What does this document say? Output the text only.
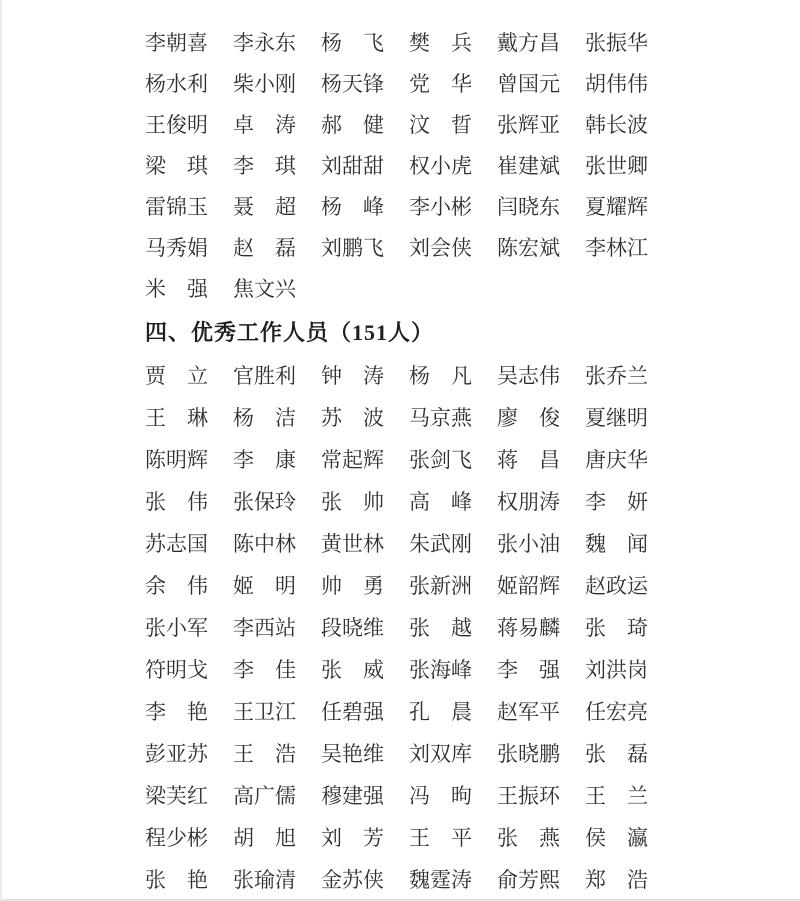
李朝喜 李永东 杨　飞 樊　兵 戴方昌 张振华
杨水利 柴小刚 杨天锋 党　华 曾国元 胡伟伟
王俊明 卓　涛 郝　健 汶　晢 张辉亚 韩长波
梁　琪 李　琪 刘甜甜 权小虎 崔建斌 张世卿
雷锦玉 聂　超 杨　峰 李小彬 闫晓东 夏耀辉
马秀娟 赵　磊 刘鹏飞 刘会侠 陈宏斌 李林江
米　强 焦文兴
四、优秀工作人员（151人）
贾　立 官胜利 钟　涛 杨　凡 吴志伟 张乔兰
王　琳 杨　洁 苏　波 马京燕 廖　俊 夏继明
陈明辉 李　康 常起辉 张剑飞 蒋　昌 唐庆华
张　伟 张保玲 张　帅 高　峰 权朋涛 李　妍
苏志国 陈中林 黄世林 朱武刚 张小油 魏　闻
余　伟 姬　明 帅　勇 张新洲 姬韶辉 赵政运
张小军 李西站 段晓维 张　越 蒋易麟 张　琦
符明戈 李　佳 张　威 张海峰 李　强 刘洪岗
李　艳 王卫江 任碧强 孔　晨 赵军平 任宏亮
彭亚苏 王　浩 吴艳维 刘双库 张晓鹏 张　磊
梁芙红 高广儒 穆建强 冯　昫 王振环 王　兰
程少彬 胡　旭 刘　芳 王　平 张　燕 侯　瀛
张　艳 张瑜清 金苏侠 魏霆涛 俞芳熙 郑　浩
